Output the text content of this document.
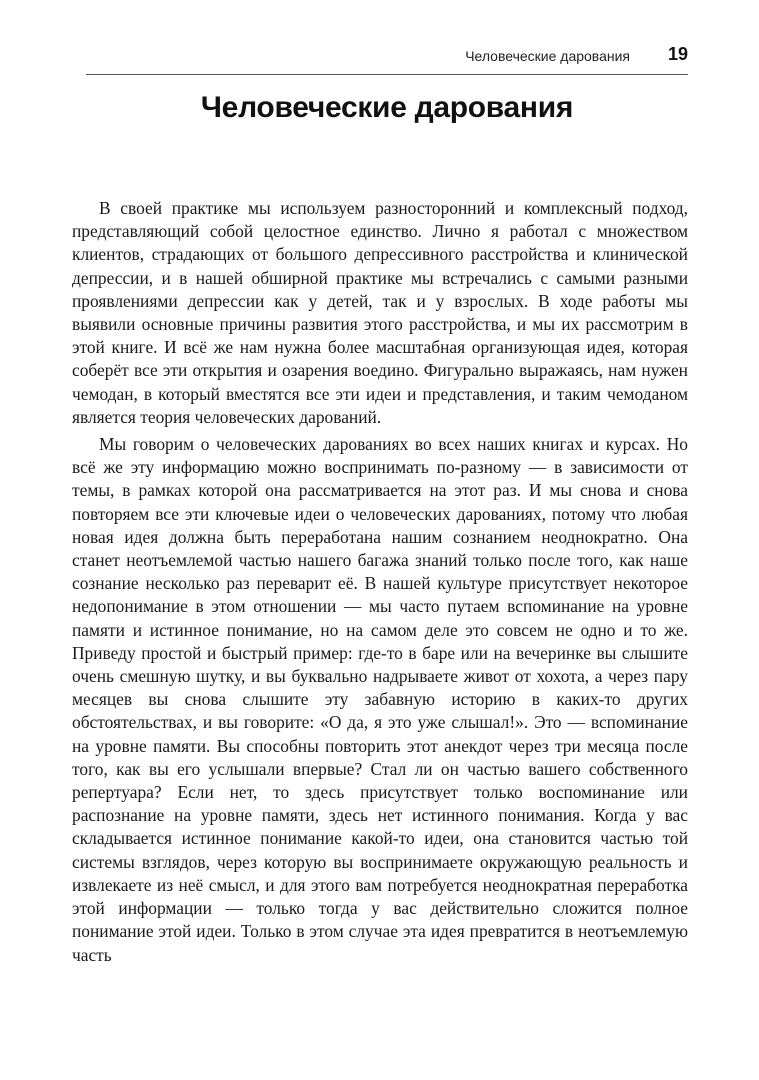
Человеческие дарования 19
Человеческие дарования

В своей практике мы используем разносторонний и комплексный подход, представляющий собой целостное единство. Лично я работал с множеством клиентов, страдающих от большого депрессивного расстройства и клинической депрессии, и в нашей обширной практике мы встречались с самыми разными проявлениями депрессии как у детей, так и у взрослых. В ходе работы мы выявили основные причины развития этого расстройства, и мы их рассмотрим в этой книге. И всё же нам нужна более масштабная организующая идея, которая соберёт все эти открытия и озарения воедино. Фигурально выражаясь, нам нужен чемодан, в который вместятся все эти идеи и представления, и таким чемоданом является теория человеческих дарований.

Мы говорим о человеческих дарованиях во всех наших книгах и курсах. Но всё же эту информацию можно воспринимать по-разному — в зависимости от темы, в рамках которой она рассматривается на этот раз. И мы снова и снова повторяем все эти ключевые идеи о человеческих дарованиях, потому что любая новая идея должна быть переработана нашим сознанием неоднократно. Она станет неотъемлемой частью нашего багажа знаний только после того, как наше сознание несколько раз переварит её. В нашей культуре присутствует некоторое недопонимание в этом отношении — мы часто путаем вспоминание на уровне памяти и истинное понимание, но на самом деле это совсем не одно и то же. Приведу простой и быстрый пример: где-то в баре или на вечеринке вы слышите очень смешную шутку, и вы буквально надрываете живот от хохота, а через пару месяцев вы снова слышите эту забавную историю в каких-то других обстоятельствах, и вы говорите: «О да, я это уже слышал!». Это — вспоминание на уровне памяти. Вы способны повторить этот анекдот через три месяца после того, как вы его услышали впервые? Стал ли он частью вашего собственного репертуара? Если нет, то здесь присутствует только воспоминание или распознание на уровне памяти, здесь нет истинного понимания. Когда у вас складывается истинное понимание какой-то идеи, она становится частью той системы взглядов, через которую вы воспринимаете окружающую реальность и извлекаете из неё смысл, и для этого вам потребуется неоднократная переработка этой информации — только тогда у вас действительно сложится полное понимание этой идеи. Только в этом случае эта идея превратится в неотъемлемую часть
